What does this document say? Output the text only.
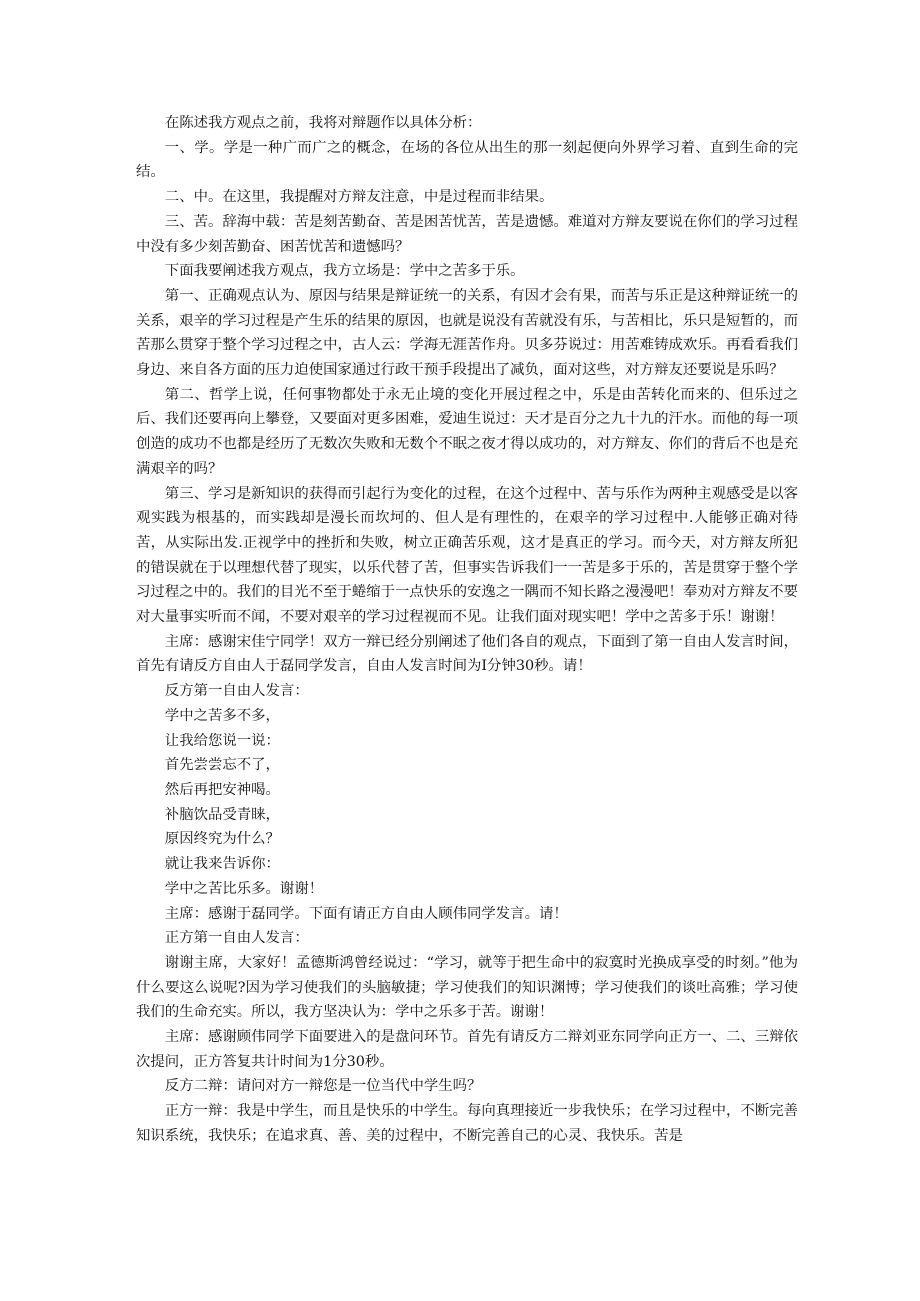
在陈述我方观点之前，我将对辩题作以具体分析：

一、学。学是一种广而广之的概念，在场的各位从出生的那一刻起便向外界学习着、直到生命的完结。

二、中。在这里，我提醒对方辩友注意，中是过程而非结果。

三、苦。辞海中载：苦是刻苦勤奋、苦是困苦忧苦，苦是遗憾。难道对方辩友要说在你们的学习过程中没有多少刻苦勤奋、困苦忧苦和遗憾吗？

下面我要阐述我方观点，我方立场是：学中之苦多于乐。

第一、正确观点认为、原因与结果是辩证统一的关系，有因才会有果，而苦与乐正是这种辩证统一的关系，艰辛的学习过程是产生乐的结果的原因，也就是说没有苦就没有乐，与苦相比，乐只是短暂的，而苦那么贯穿于整个学习过程之中，古人云：学海无涯苦作舟。贝多芬说过：用苦难铸成欢乐。再看看我们身边、来自各方面的压力迫使国家通过行政干预手段提出了减负，面对这些，对方辩友还要说是乐吗？

第二、哲学上说，任何事物都处于永无止境的变化开展过程之中，乐是由苦转化而来的、但乐过之后、我们还要再向上攀登，又要面对更多困难，爱迪生说过：天才是百分之九十九的汗水。而他的每一项创造的成功不也都是经历了无数次失败和无数个不眠之夜才得以成功的，对方辩友、你们的背后不也是充满艰辛的吗？

第三、学习是新知识的获得而引起行为变化的过程，在这个过程中、苦与乐作为两种主观感受是以客观实践为根基的，而实践却是漫长而坎坷的、但人是有理性的，在艰辛的学习过程中.人能够正确对待苦，从实际出发.正视学中的挫折和失败，树立正确苦乐观，这才是真正的学习。而今天，对方辩友所犯的错误就在于以理想代替了现实，以乐代替了苦，但事实告诉我们一一苦是多于乐的，苦是贯穿于整个学习过程之中的。我们的目光不至于蜷缩于一点快乐的安逸之一隅而不知长路之漫漫吧！奉劝对方辩友不要对大量事实听而不闻，不要对艰辛的学习过程视而不见。让我们面对现实吧！学中之苦多于乐！谢谢！

主席：感谢宋佳宁同学！双方一辩已经分别阐述了他们各自的观点，下面到了第一自由人发言时间，首先有请反方自由人于磊同学发言，自由人发言时间为I分钟30秒。请！

反方第一自由人发言：

学中之苦多不多，

让我给您说一说：

首先尝尝忘不了，

然后再把安神喝。

补脑饮品受青睐，

原因终究为什么？

就让我来告诉你：

学中之苦比乐多。谢谢！

主席：感谢于磊同学。下面有请正方自由人顾伟同学发言。请！

正方第一自由人发言：

谢谢主席，大家好！孟德斯鸿曾经说过：“学习，就等于把生命中的寂寞时光换成享受的时刻。”他为什么要这么说呢?因为学习使我们的头脑敏捷；学习使我们的知识渊博；学习使我们的谈吐高雅；学习使我们的生命充实。所以，我方坚决认为：学中之乐多于苦。谢谢！

主席：感谢顾伟同学下面要进入的是盘问环节。首先有请反方二辩刘亚东同学向正方一、二、三辩依次提问，正方答复共计时间为1分30秒。

反方二辩：请问对方一辩您是一位当代中学生吗？

正方一辩：我是中学生，而且是快乐的中学生。每向真理接近一步我快乐；在学习过程中，不断完善知识系统，我快乐；在追求真、善、美的过程中，不断完善自己的心灵、我快乐。苦是
